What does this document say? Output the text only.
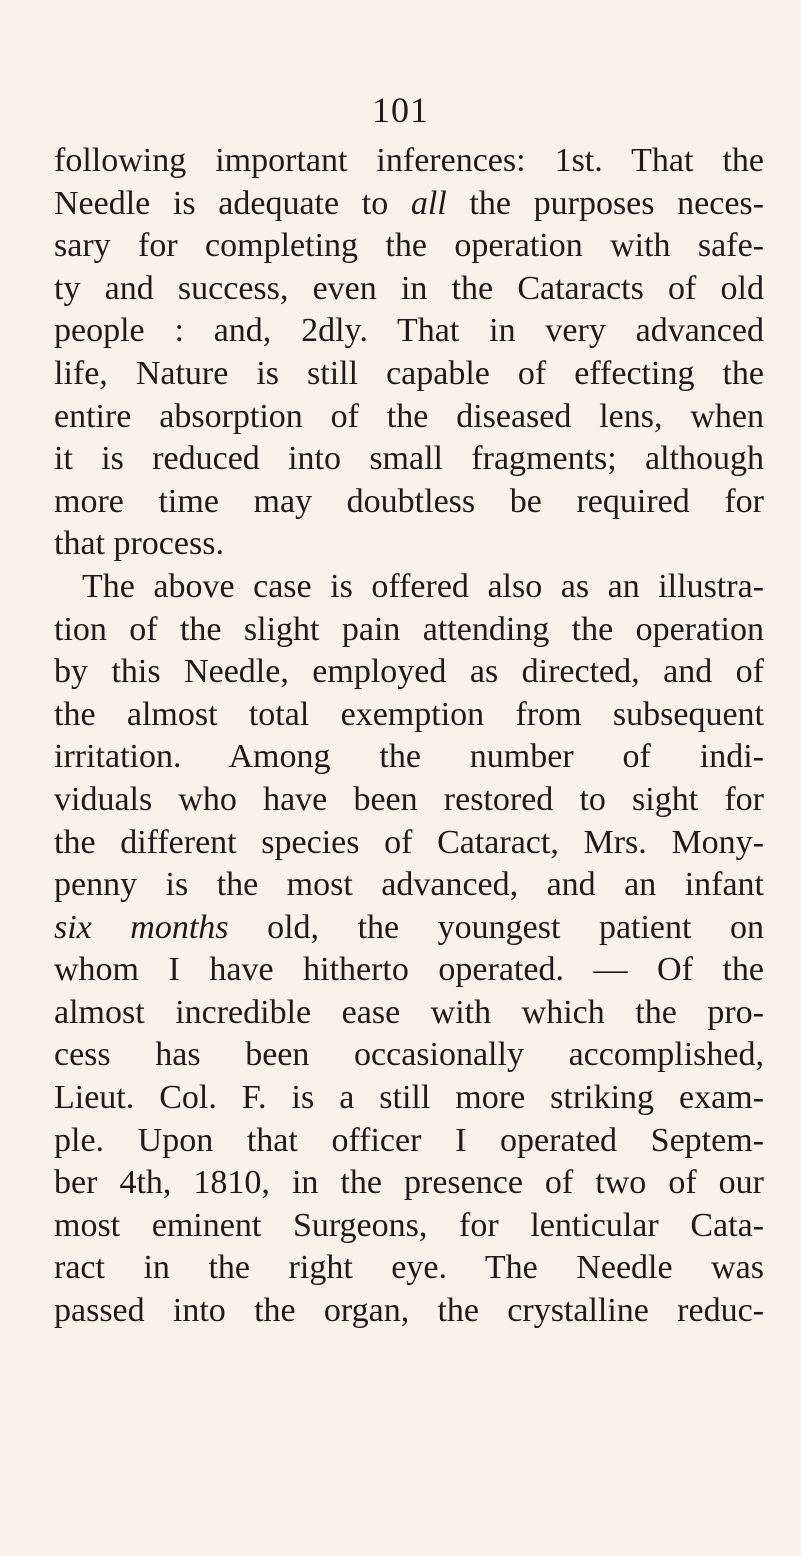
101
following important inferences: 1st. That the
Needle is adequate to all the purposes neces-
sary for completing the operation with safe-
ty and success, even in the Cataracts of old
people : and, 2dly. That in very advanced
life, Nature is still capable of effecting the
entire absorption of the diseased lens, when
it is reduced into small fragments; although
more time may doubtless be required for
that process.
The above case is offered also as an illustra-
tion of the slight pain attending the operation
by this Needle, employed as directed, and of
the almost total exemption from subsequent
irritation. Among the number of indi-
viduals who have been restored to sight for
the different species of Cataract, Mrs. Mony-
penny is the most advanced, and an infant
six months old, the youngest patient on
whom I have hitherto operated. — Of the
almost incredible ease with which the pro-
cess has been occasionally accomplished,
Lieut. Col. F. is a still more striking exam-
ple. Upon that officer I operated Septem-
ber 4th, 1810, in the presence of two of our
most eminent Surgeons, for lenticular Cata-
ract in the right eye. The Needle was
passed into the organ, the crystalline reduc-
